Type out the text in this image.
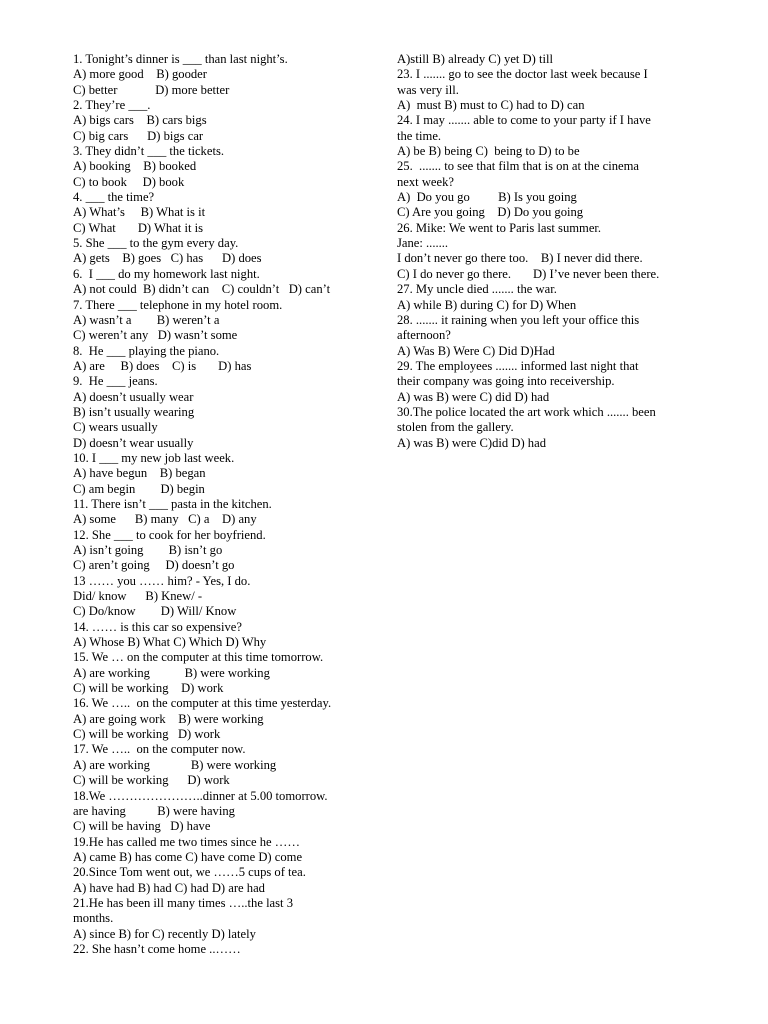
1. Tonight’s dinner is ___ than last night’s.
A) more good    B) gooder
C) better            D) more better
2. They’re ___.
A) bigs cars    B) cars bigs
C) big cars      D) bigs car
3. They didn’t ___ the tickets.
A) booking    B) booked
C) to book     D) book
4. ___ the time?
A) What’s     B) What is it
C) What       D) What it is
5. She ___ to the gym every day.
A) gets    B) goes   C) has      D) does
6.  I ___ do my homework last night.
A) not could  B) didn’t can    C) couldn’t   D) can’t
7. There ___ telephone in my hotel room.
A) wasn’t a        B) weren’t a
C) weren’t any   D) wasn’t some
8.  He ___ playing the piano.
A) are     B) does    C) is       D) has
9.  He ___ jeans.
A) doesn’t usually wear
B) isn’t usually wearing
C) wears usually
D) doesn’t wear usually
10. I ___ my new job last week.
A) have begun    B) began
C) am begin        D) begin
11. There isn’t ___ pasta in the kitchen.
A) some      B) many   C) a    D) any
12. She ___ to cook for her boyfriend.
A) isn’t going        B) isn’t go
C) aren’t going     D) doesn’t go
13 …… you …… him? - Yes, I do.
Did/ know      B) Knew/ -
C) Do/know        D) Will/ Know
14. …… is this car so expensive?
A) Whose B) What C) Which D) Why
15. We … on the computer at this time tomorrow.
A) are working           B) were working
C) will be working    D) work
16. We …..  on the computer at this time yesterday.
A) are going work    B) were working
C) will be working   D) work
17. We …..  on the computer now.
A) are working             B) were working
C) will be working      D) work
18.We …………………..dinner at 5.00 tomorrow.
are having          B) were having
C) will be having   D) have
19.He has called me two times since he ……
A) came B) has come C) have come D) come
20.Since Tom went out, we ……5 cups of tea.
A) have had B) had C) had D) are had
21.He has been ill many times …..the last 3
months.
A) since B) for C) recently D) lately
22. She hasn’t come home ..……
A)still B) already C) yet D) till
23. I ....... go to see the doctor last week because I
was very ill.
A)  must B) must to C) had to D) can
24. I may ....... able to come to your party if I have
the time.
A) be B) being C)  being to D) to be
25.  ....... to see that film that is on at the cinema
next week?
A)  Do you go         B) Is you going
C) Are you going    D) Do you going
26. Mike: We went to Paris last summer.
Jane: .......
I don’t never go there too.    B) I never did there.
C) I do never go there.       D) I’ve never been there.
27. My uncle died ....... the war.
A) while B) during C) for D) When
28. ....... it raining when you left your office this
afternoon?
A) Was B) Were C) Did D)Had
29. The employees ....... informed last night that
their company was going into receivership.
A) was B) were C) did D) had
30.The police located the art work which ....... been
stolen from the gallery.
A) was B) were C)did D) had
